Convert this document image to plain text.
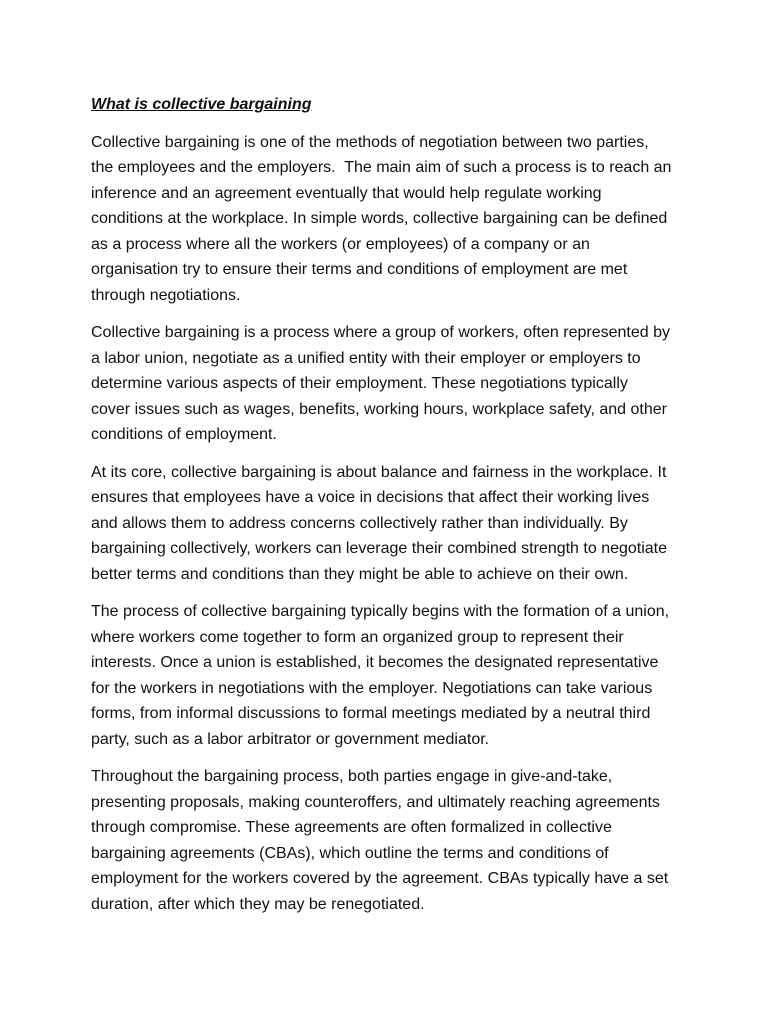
What is collective bargaining
Collective bargaining is one of the methods of negotiation between two parties,
the employees and the employers.  The main aim of such a process is to reach an
inference and an agreement eventually that would help regulate working
conditions at the workplace. In simple words, collective bargaining can be defined
as a process where all the workers (or employees) of a company or an
organisation try to ensure their terms and conditions of employment are met
through negotiations.
Collective bargaining is a process where a group of workers, often represented by
a labor union, negotiate as a unified entity with their employer or employers to
determine various aspects of their employment. These negotiations typically
cover issues such as wages, benefits, working hours, workplace safety, and other
conditions of employment.
At its core, collective bargaining is about balance and fairness in the workplace. It
ensures that employees have a voice in decisions that affect their working lives
and allows them to address concerns collectively rather than individually. By
bargaining collectively, workers can leverage their combined strength to negotiate
better terms and conditions than they might be able to achieve on their own.
The process of collective bargaining typically begins with the formation of a union,
where workers come together to form an organized group to represent their
interests. Once a union is established, it becomes the designated representative
for the workers in negotiations with the employer. Negotiations can take various
forms, from informal discussions to formal meetings mediated by a neutral third
party, such as a labor arbitrator or government mediator.
Throughout the bargaining process, both parties engage in give-and-take,
presenting proposals, making counteroffers, and ultimately reaching agreements
through compromise. These agreements are often formalized in collective
bargaining agreements (CBAs), which outline the terms and conditions of
employment for the workers covered by the agreement. CBAs typically have a set
duration, after which they may be renegotiated.
